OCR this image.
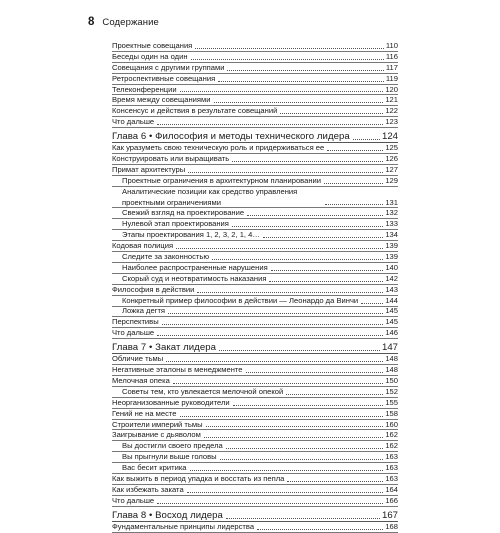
8 Содержание
Проектные совещания	110
Беседы один на один	116
Совещания с другими группами	117
Ретроспективные совещания	119
Телеконференции	120
Время между совещаниями	121
Консенсус и действия в результате совещаний	122
Что дальше	123
Глава 6 • Философия и методы технического лидера	124
Как уразуметь свою техническую роль и придерживаться ее	125
Конструировать или выращивать	126
Примат архитектуры	127
Проектные ограничения в архитектурном планировании	129
Аналитические позиции как средство управления проектными ограничениями	131
Свежий взгляд на проектирование	132
Нулевой этап проектирования	133
Этапы проектирования 1, 2, 3, 2, 1, 4…	134
Кодовая полиция	139
Следите за законностью	139
Наиболее распространенные нарушения	140
Скорый суд и неотвратимость наказания	142
Философия в действии	143
Конкретный пример философии в действии — Леонардо да Винчи	144
Ложка дегтя	145
Перспективы	145
Что дальше	146
Глава 7 • Закат лидера	147
Обличие тьмы	148
Негативные эталоны в менеджменте	148
Мелочная опека	150
Советы тем, кто увлекается мелочной опекой	152
Неорганизованные руководители	155
Гений не на месте	158
Строители империй тьмы	160
Заигрывание с дьяволом	162
Вы достигли своего предела	162
Вы прыгнули выше головы	163
Вас бесит критика	163
Как выжить в период упадка и восстать из пепла	163
Как избежать заката	164
Что дальше	166
Глава 8 • Восход лидера	167
Фундаментальные принципы лидерства	168
